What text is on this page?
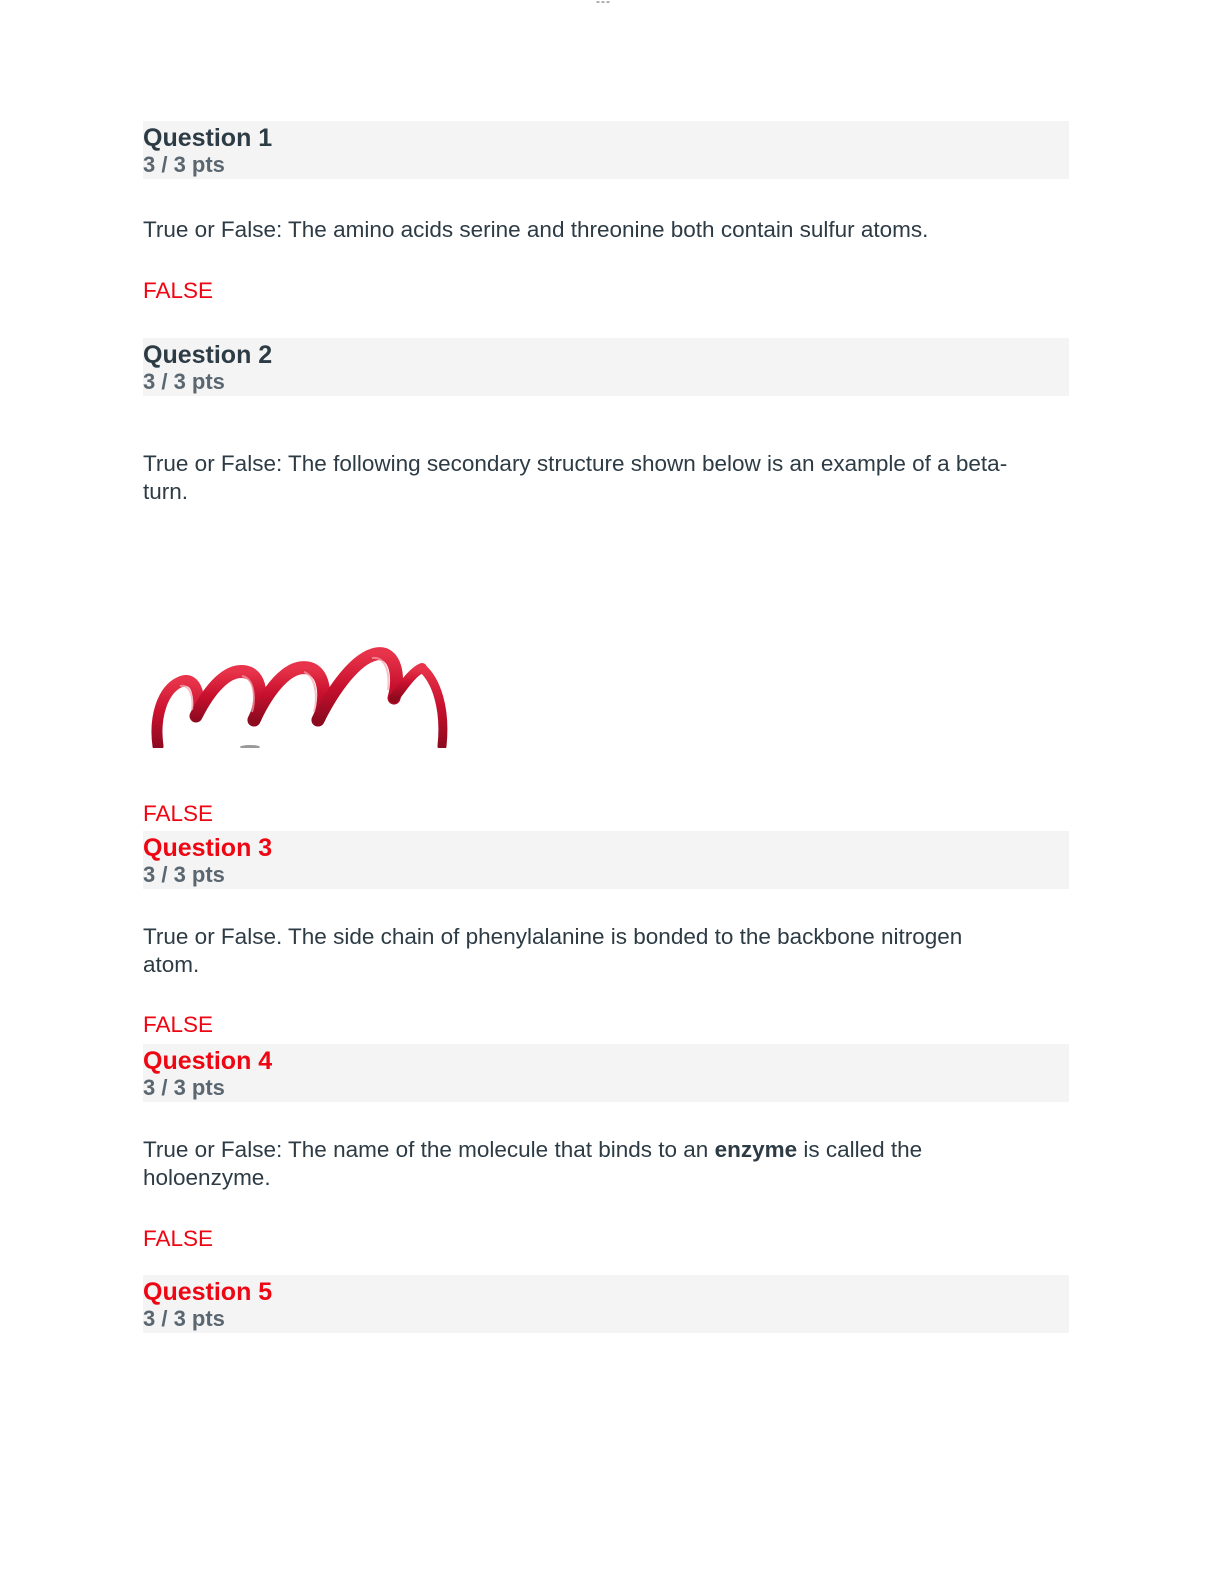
---
Question 1
3 / 3 pts
True or False: The amino acids serine and threonine both contain sulfur atoms.
FALSE
Question 2
3 / 3 pts
True or False: The following secondary structure shown below is an example of a beta-
turn.
FALSE
Question 3
3 / 3 pts
True or False. The side chain of phenylalanine is bonded to the backbone nitrogen
atom.
FALSE
Question 4
3 / 3 pts
True or False: The name of the molecule that binds to an enzyme is called the
holoenzyme.
FALSE
Question 5
3 / 3 pts
